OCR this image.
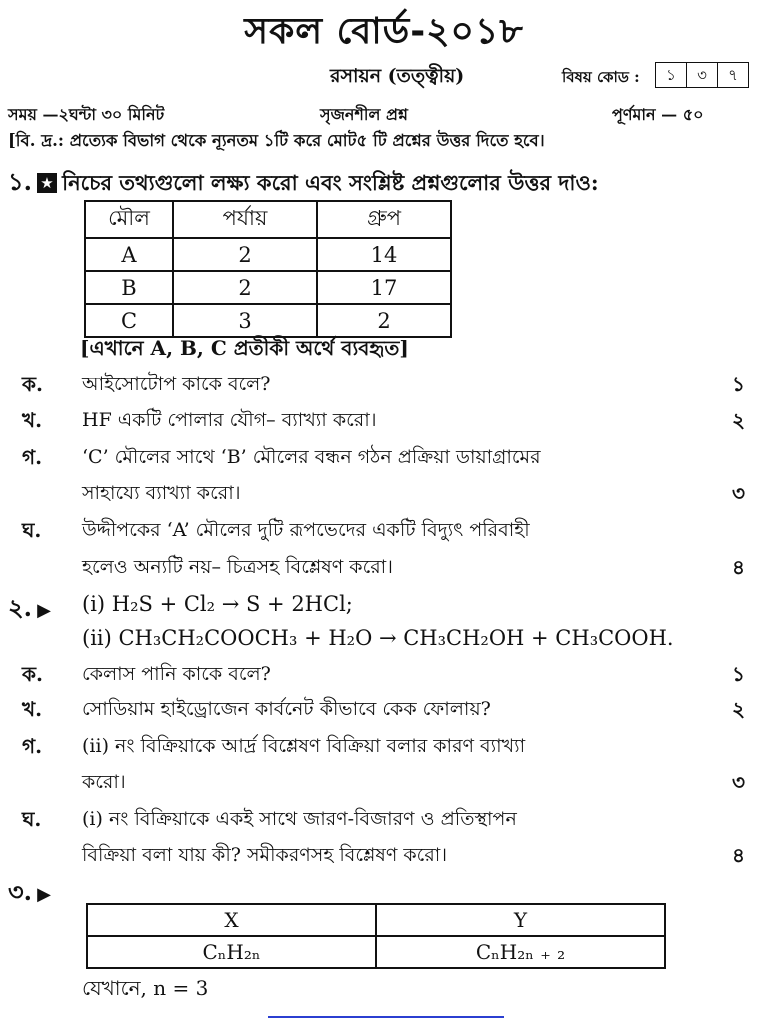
সকল বোর্ড-২০১৮
রসায়ন (তত্ত্বীয়)	বিষয় কোড :	১	৩	৭
সময় —২ঘন্টা ৩০ মিনিট	সৃজনশীল প্রশ্ন	পূর্ণমান — ৫০
[বি. দ্র.: প্রত্যেক বিভাগ থেকে ন্যূনতম ১টি করে মোট৫ টি প্রশ্নের উত্তর দিতে হবে।
১. ★ নিচের তথ্যগুলো লক্ষ্য করো এবং সংশ্লিষ্ট প্রশ্নগুলোর উত্তর দাও:
মৌল	পর্যায়	গ্রুপ
A	2	14
B	2	17
C	3	2
[এখানে A, B, C প্রতীকী অর্থে ব্যবহৃত]
ক. আইসোটোপ কাকে বলে?	১
খ. HF একটি পোলার যৌগ– ব্যাখ্যা করো।	২
গ. ‘C’ মৌলের সাথে ‘B’ মৌলের বন্ধন গঠন প্রক্রিয়া ডায়াগ্রামের
সাহায্যে ব্যাখ্যা করো।	৩
ঘ. উদ্দীপকের ‘A’ মৌলের দুটি রূপভেদের একটি বিদ্যুৎ পরিবাহী
হলেও অন্যটি নয়– চিত্রসহ বিশ্লেষণ করো।	৪
২. ▶ (i) H₂S + Cl₂ → S + 2HCl;
(ii) CH₃CH₂COOCH₃ + H₂O → CH₃CH₂OH + CH₃COOH.
ক. কেলাস পানি কাকে বলে?	১
খ. সোডিয়াম হাইড্রোজেন কার্বনেট কীভাবে কেক ফোলায়?	২
গ. (ii) নং বিক্রিয়াকে আর্দ্র বিশ্লেষণ বিক্রিয়া বলার কারণ ব্যাখ্যা
করো।	৩
ঘ. (i) নং বিক্রিয়াকে একই সাথে জারণ-বিজারণ ও প্রতিস্থাপন
বিক্রিয়া বলা যায় কী? সমীকরণসহ বিশ্লেষণ করো।	৪
৩. ▶
X	Y
CₙH₂ₙ	CₙH₂ₙ ₊ ₂
যেখানে, n = 3
